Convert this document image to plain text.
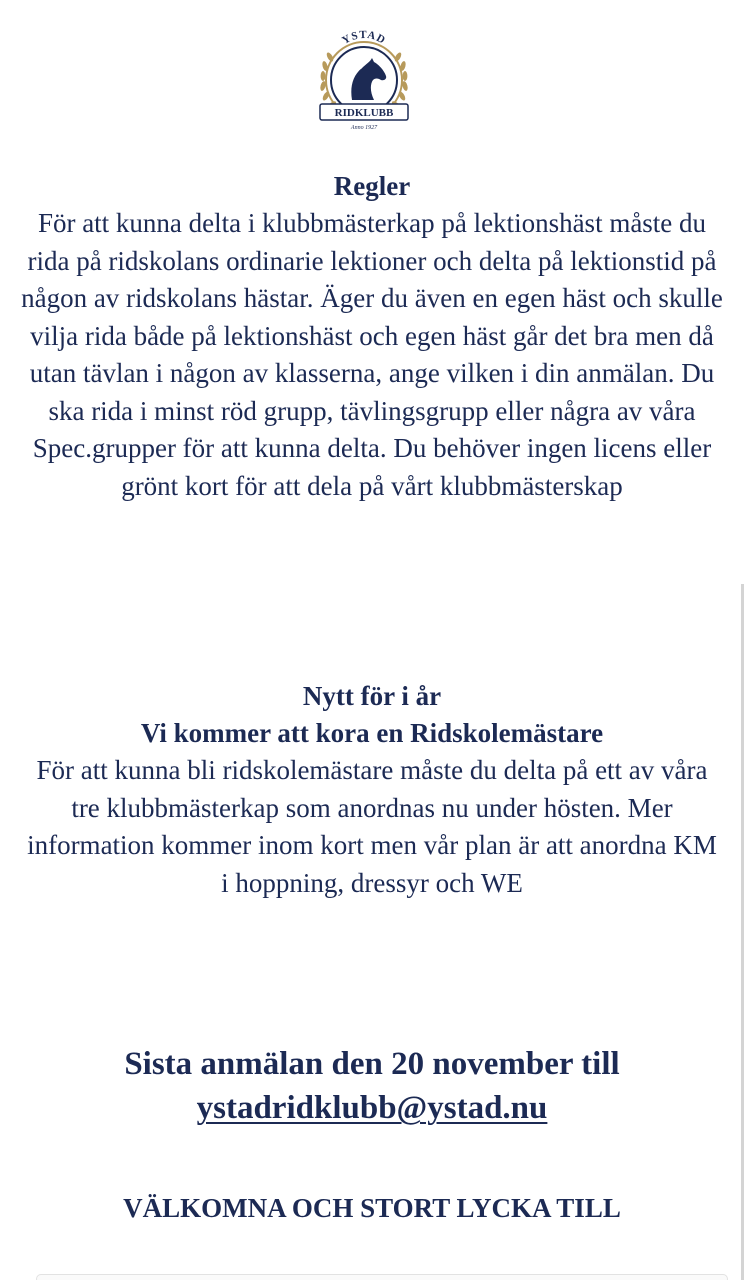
YSTAD
RIDKLUBB
Anno 1927
Regler
För att kunna delta i klubbmästerkap på lektionshäst måste du rida på ridskolans ordinarie lektioner och delta på lektionstid på någon av ridskolans hästar. Äger du även en egen häst och skulle vilja rida både på lektionshäst och egen häst går det bra men då utan tävlan i någon av klasserna, ange vilken i din anmälan. Du ska rida i minst röd grupp, tävlingsgrupp eller några av våra Spec.grupper för att kunna delta. Du behöver ingen licens eller grönt kort för att dela på vårt klubbmästerskap
Nytt för i år
Vi kommer att kora en Ridskolemästare
För att kunna bli ridskolemästare måste du delta på ett av våra tre klubbmästerkap som anordnas nu under hösten. Mer information kommer inom kort men vår plan är att anordna KM i hoppning, dressyr och WE
Sista anmälan den 20 november till
ystadridklubb@ystad.nu
VÄLKOMNA OCH STORT LYCKA TILL
